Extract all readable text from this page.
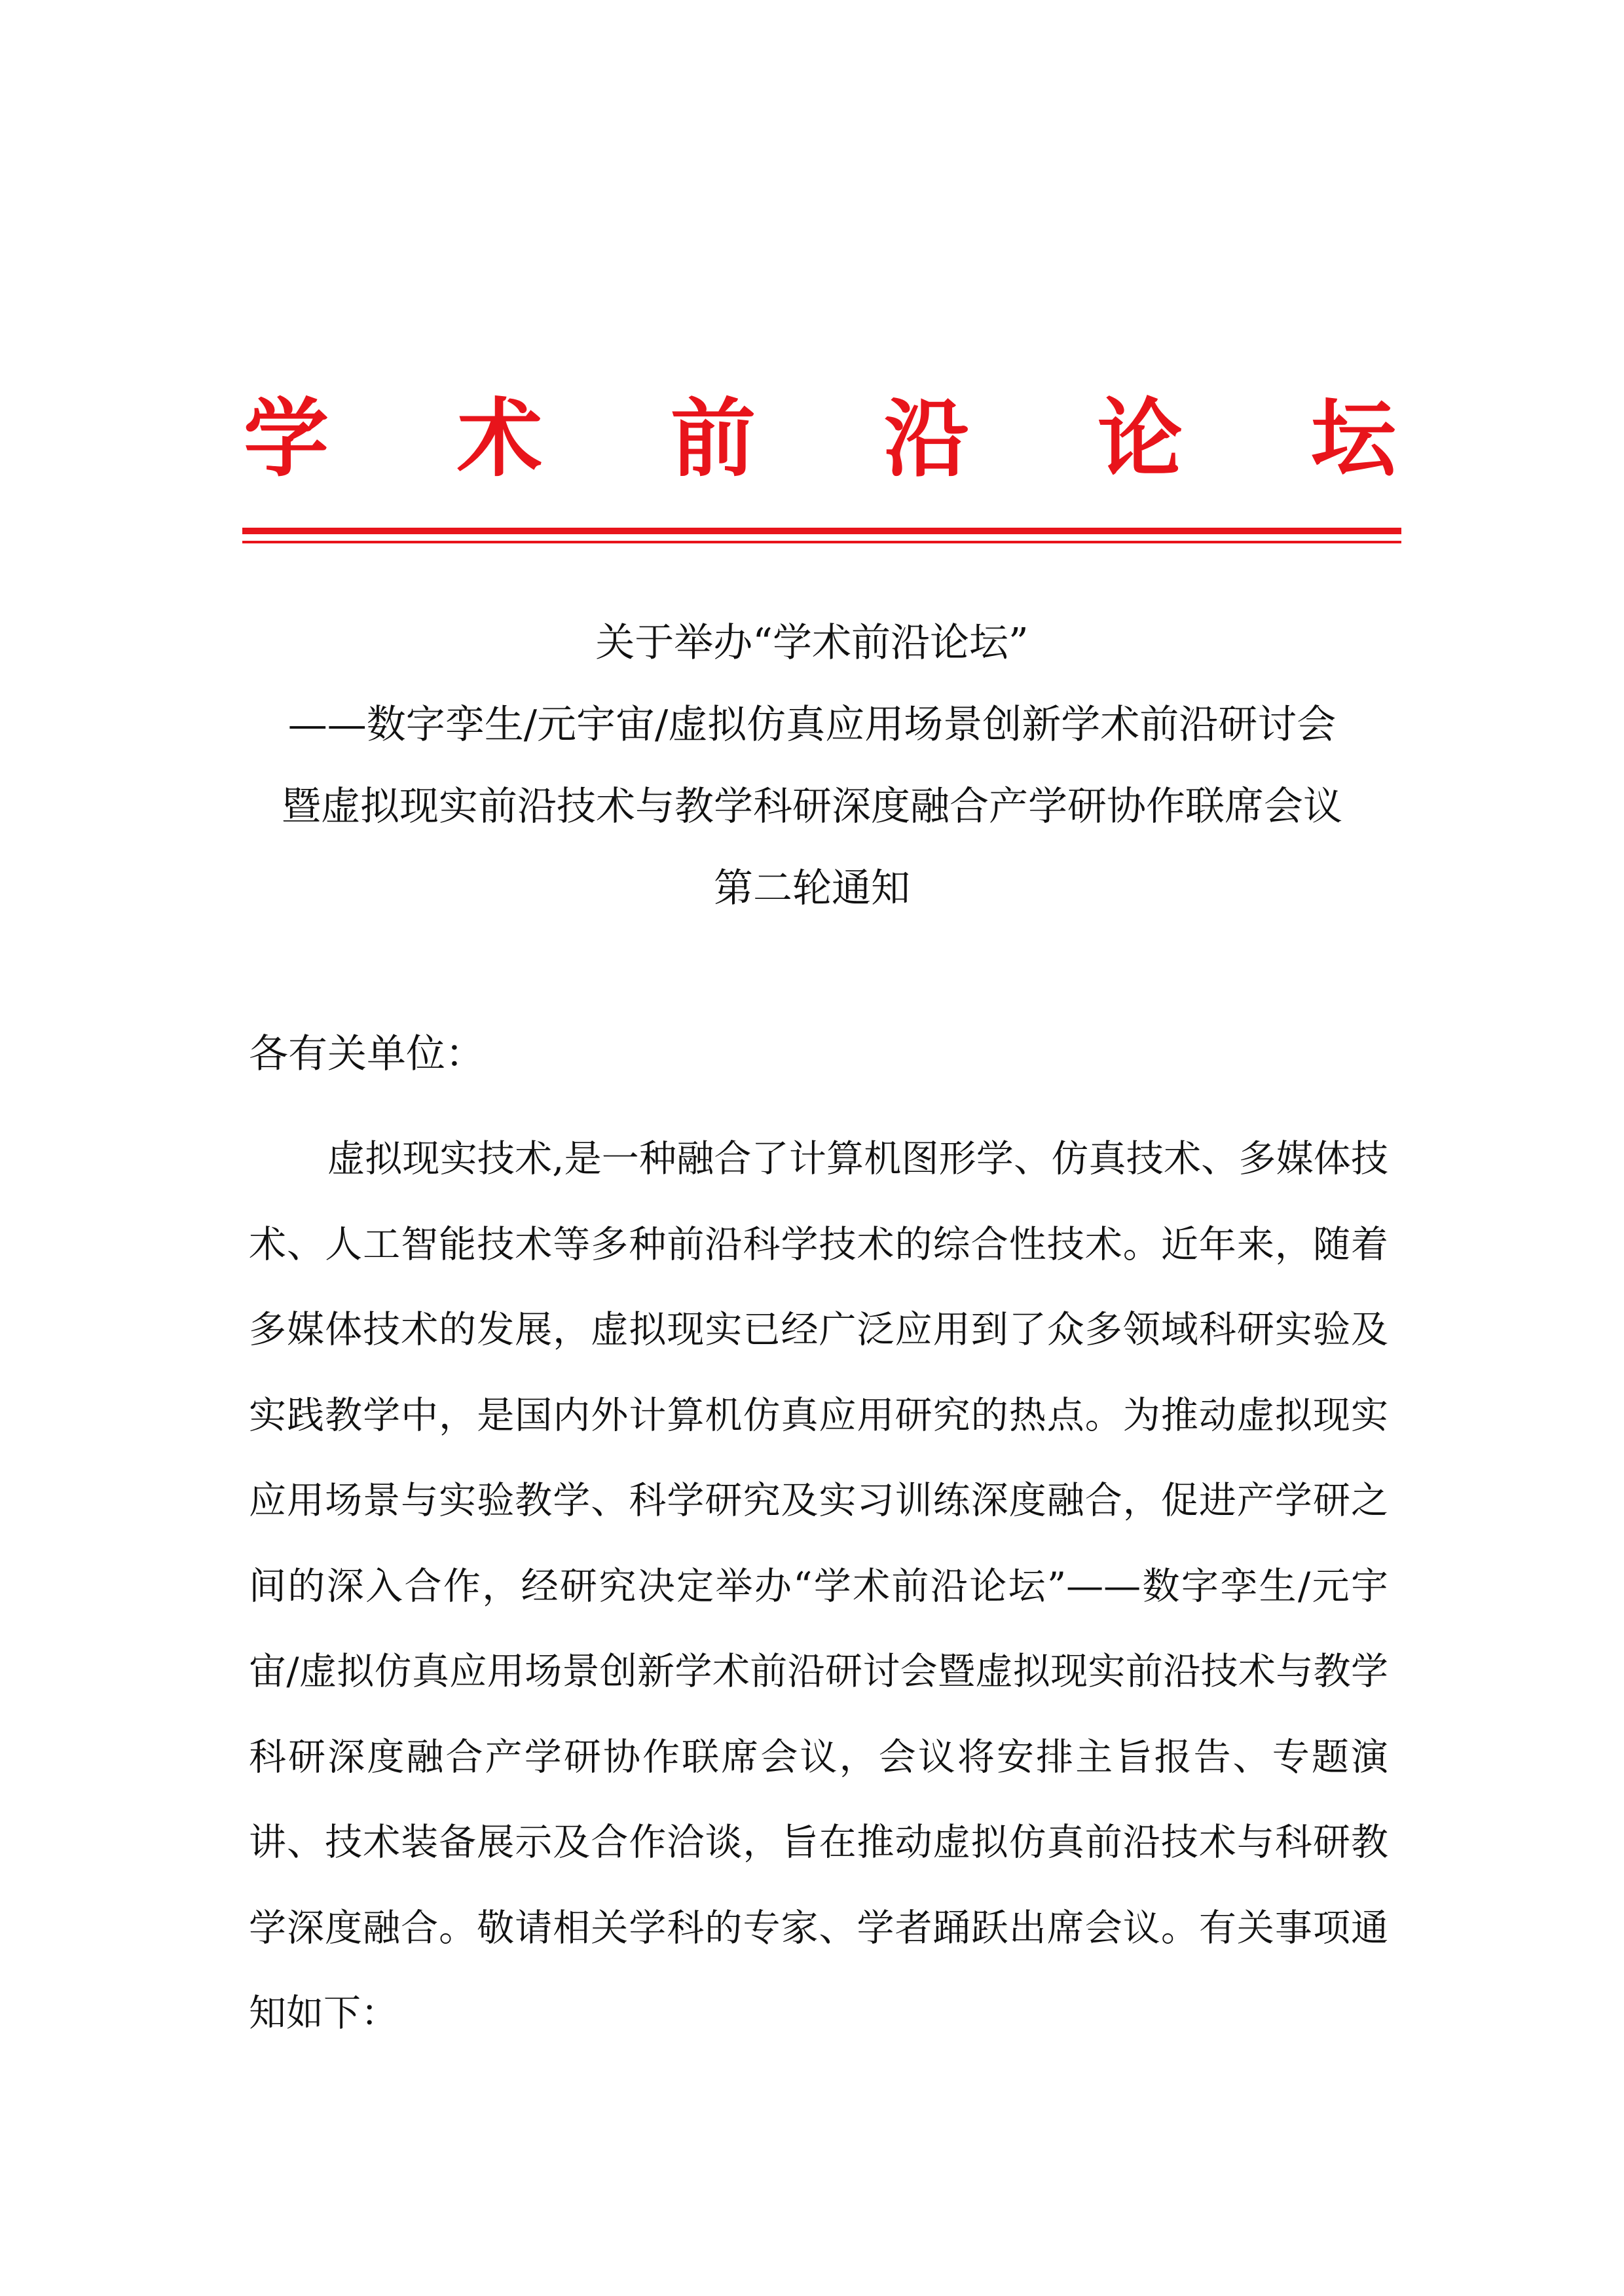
学 术 前 沿 论 坛
关于举办“学术前沿论坛”
——数字孪生/元宇宙/虚拟仿真应用场景创新学术前沿研讨会
暨虚拟现实前沿技术与教学科研深度融合产学研协作联席会议
第二轮通知
各有关单位：

虚拟现实技术,是一种融合了计算机图形学、仿真技术、多媒体技术、人工智能技术等多种前沿科学技术的综合性技术。近年来，随着多媒体技术的发展，虚拟现实已经广泛应用到了众多领域科研实验及实践教学中，是国内外计算机仿真应用研究的热点。为推动虚拟现实应用场景与实验教学、科学研究及实习训练深度融合，促进产学研之间的深入合作，经研究决定举办“学术前沿论坛”——数字孪生/元宇宙/虚拟仿真应用场景创新学术前沿研讨会暨虚拟现实前沿技术与教学科研深度融合产学研协作联席会议，会议将安排主旨报告、专题演讲、技术装备展示及合作洽谈，旨在推动虚拟仿真前沿技术与科研教学深度融合。敬请相关学科的专家、学者踊跃出席会议。有关事项通知如下：
